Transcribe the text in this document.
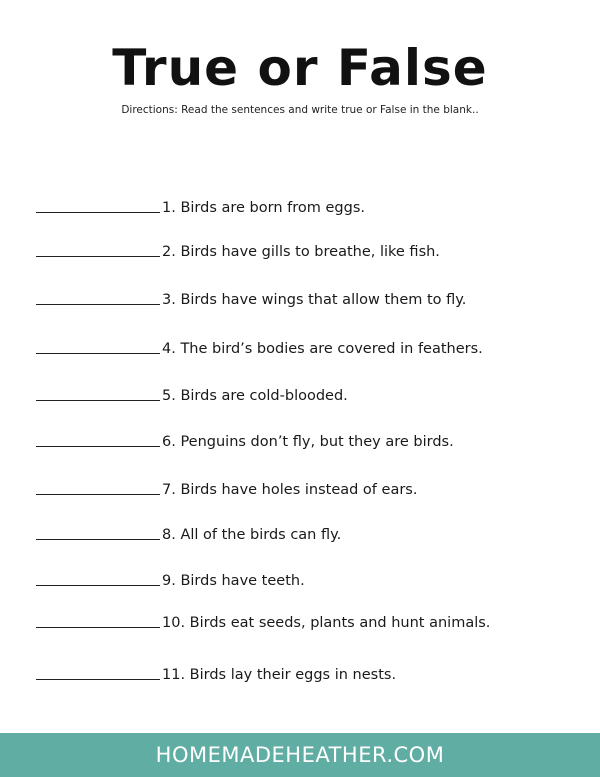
True or False
Directions: Read the sentences and write true or False in the blank..
1. Birds are born from eggs.
2. Birds have gills to breathe, like fish.
3. Birds have wings that allow them to fly.
4. The bird’s bodies are covered in feathers.
5. Birds are cold-blooded.
6. Penguins don’t fly, but they are birds.
7. Birds have holes instead of ears.
8. All of the birds can fly.
9. Birds have teeth.
10. Birds eat seeds, plants and hunt animals.
11. Birds lay their eggs in nests.
HOMEMADEHEATHER.COM
